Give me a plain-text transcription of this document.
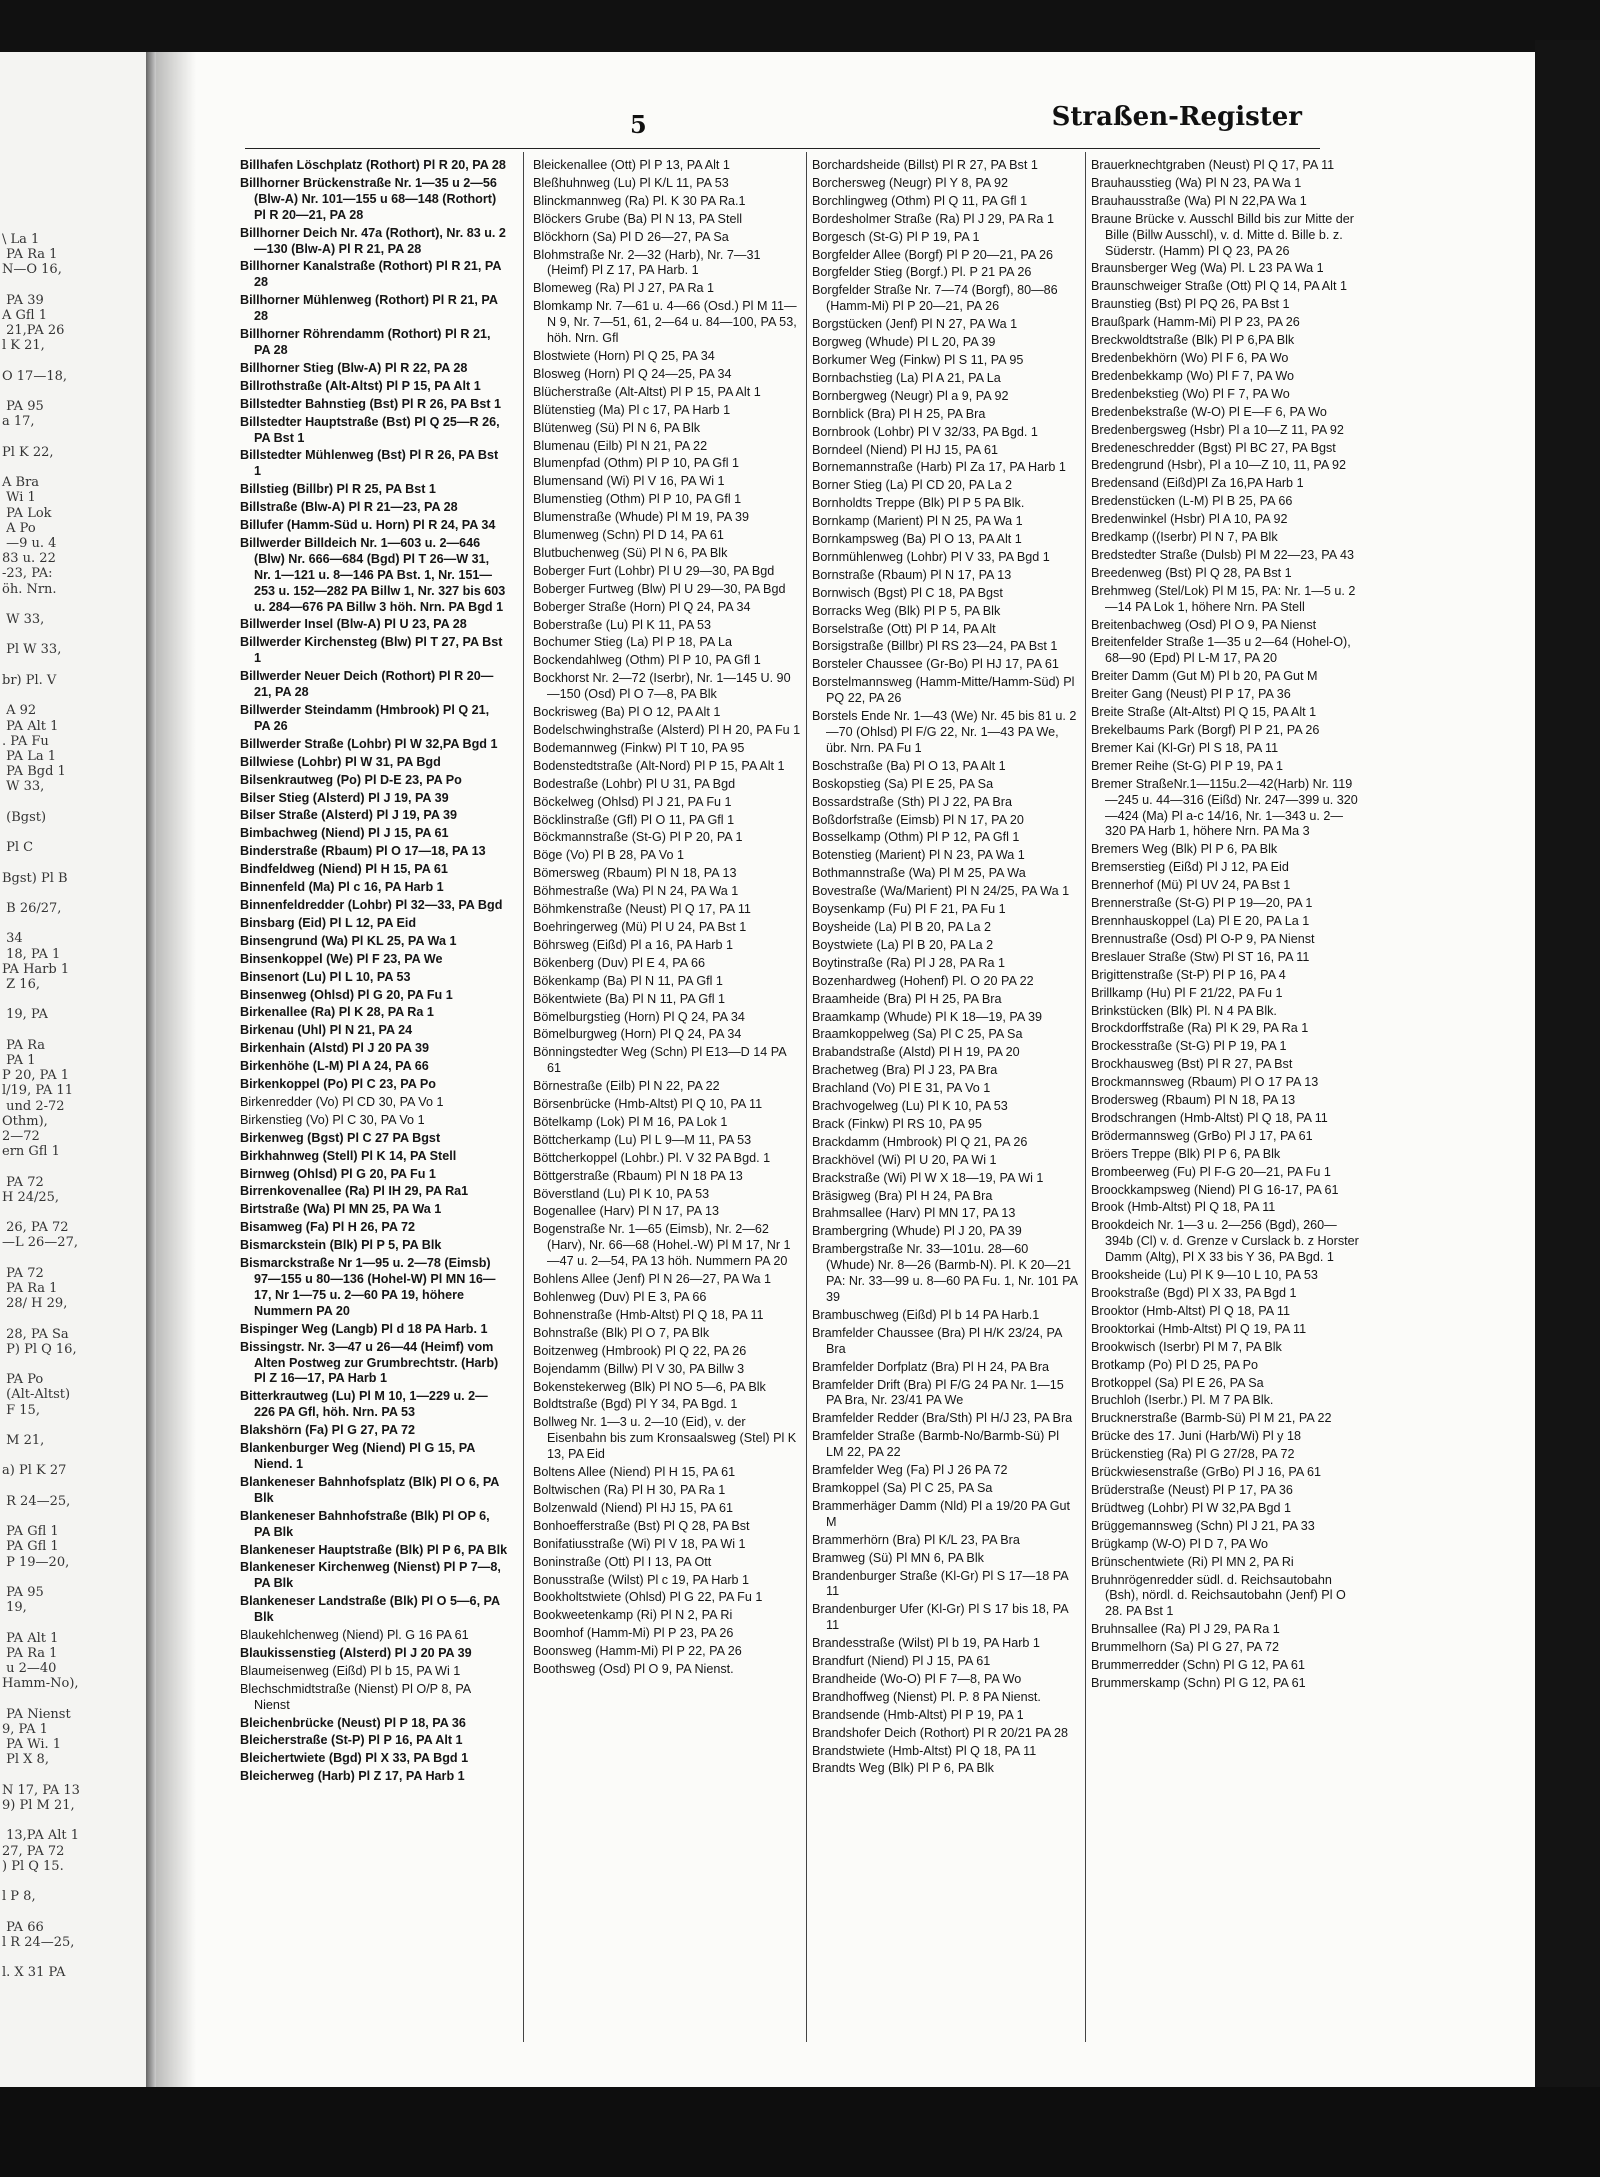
\ La 1
PA Ra 1
N—O 16,

PA 39
A Gfl 1
21,PA 26
l K 21,

O 17—18,

PA 95
a 17,

Pl K 22,

A Bra
Wi 1
PA Lok
A Po
—9 u. 4
83 u. 22
-23, PA:
öh. Nrn.

W 33,

Pl W 33,

br) Pl. V

A 92
PA Alt 1
. PA Fu
PA La 1
PA Bgd 1
W 33,

(Bgst)

Pl C

Bgst) Pl B

B 26/27,

34
18, PA 1
PA Harb 1
Z 16,

19, PA

PA Ra
PA 1
P 20, PA 1
l/19, PA 11
und 2-72
Othm),
2—72
ern Gfl 1

PA 72
H 24/25,

26, PA 72
—L 26—27,

PA 72
PA Ra 1
28/ H 29,

28, PA Sa
P) Pl Q 16,

PA Po
(Alt-Altst)
F 15,

M 21,

a) Pl K 27

R 24—25,

PA Gfl 1
PA Gfl 1
P 19—20,

PA 95
19,

PA Alt 1
PA Ra 1
u 2—40
Hamm-No),

PA Nienst
9, PA 1
PA Wi. 1
Pl X 8,

N 17, PA 13
9) Pl M 21,

13,PA Alt 1
27, PA 72
) Pl Q 15.

l P 8,

PA 66
l R 24—25,

l. X 31 PA
5	Straßen-Register
Billhafen Löschplatz (Rothort) Pl R 20, PA 28
Billhorner Brückenstraße Nr. 1—35 u 2—56 (Blw-A) Nr. 101—155 u 68—148 (Rothort) Pl R 20—21, PA 28
Billhorner Deich Nr. 47a (Rothort), Nr. 83 u. 2—130 (Blw-A) Pl R 21, PA 28
Billhorner Kanalstraße (Rothort) Pl R 21, PA 28
Billhorner Mühlenweg (Rothort) Pl R 21, PA 28
Billhorner Röhrendamm (Rothort) Pl R 21, PA 28
Billhorner Stieg (Blw-A) Pl R 22, PA 28
Billrothstraße (Alt-Altst) Pl P 15, PA Alt 1
Billstedter Bahnstieg (Bst) Pl R 26, PA Bst 1
Billstedter Hauptstraße (Bst) Pl Q 25—R 26, PA Bst 1
Billstedter Mühlenweg (Bst) Pl R 26, PA Bst 1
Billstieg (Billbr) Pl R 25, PA Bst 1
Billstraße (Blw-A) Pl R 21—23, PA 28
Billufer (Hamm-Süd u. Horn) Pl R 24, PA 34
Billwerder Billdeich Nr. 1—603 u. 2—646 (Blw) Nr. 666—684 (Bgd) Pl T 26—W 31, Nr. 1—121 u. 8—146 PA Bst. 1, Nr. 151—253 u. 152—282 PA Billw 1, Nr. 327 bis 603 u. 284—676 PA Billw 3 höh. Nrn. PA Bgd 1
Billwerder Insel (Blw-A) Pl U 23, PA 28
Billwerder Kirchensteg (Blw) Pl T 27, PA Bst 1
Billwerder Neuer Deich (Rothort) Pl R 20—21, PA 28
Billwerder Steindamm (Hmbrook) Pl Q 21, PA 26
Billwerder Straße (Lohbr) Pl W 32,PA Bgd 1
Billwiese (Lohbr) Pl W 31, PA Bgd
Bilsenkrautweg (Po) Pl D-E 23, PA Po
Bilser Stieg (Alsterd) Pl J 19, PA 39
Bilser Straße (Alsterd) Pl J 19, PA 39
Bimbachweg (Niend) Pl J 15, PA 61
Binderstraße (Rbaum) Pl O 17—18, PA 13
Bindfeldweg (Niend) Pl H 15, PA 61
Binnenfeld (Ma) Pl c 16, PA Harb 1
Binnenfeldredder (Lohbr) Pl 32—33, PA Bgd
Binsbarg (Eid) Pl L 12, PA Eid
Binsengrund (Wa) Pl KL 25, PA Wa 1
Binsenkoppel (We) Pl F 23, PA We
Binsenort (Lu) Pl L 10, PA 53
Binsenweg (Ohlsd) Pl G 20, PA Fu 1
Birkenallee (Ra) Pl K 28, PA Ra 1
Birkenau (Uhl) Pl N 21, PA 24
Birkenhain (Alstd) Pl J 20 PA 39
Birkenhöhe (L-M) Pl A 24, PA 66
Birkenkoppel (Po) Pl C 23, PA Po
Birkenredder (Vo) Pl CD 30, PA Vo 1
Birkenstieg (Vo) Pl C 30, PA Vo 1
Birkenweg (Bgst) Pl C 27 PA Bgst
Birkhahnweg (Stell) Pl K 14, PA Stell
Birnweg (Ohlsd) Pl G 20, PA Fu 1
Birrenkovenallee (Ra) Pl IH 29, PA Ra1
Birtstraße (Wa) Pl MN 25, PA Wa 1
Bisamweg (Fa) Pl H 26, PA 72
Bismarckstein (Blk) Pl P 5, PA Blk
Bismarckstraße Nr 1—95 u. 2—78 (Eimsb) 97—155 u 80—136 (Hohel-W) Pl MN 16—17, Nr 1—75 u. 2—60 PA 19, höhere Nummern PA 20
Bispinger Weg (Langb) Pl d 18 PA Harb. 1
Bissingstr. Nr. 3—47 u 26—44 (Heimf) vom Alten Postweg zur Grumbrechtstr. (Harb) Pl Z 16—17, PA Harb 1
Bitterkrautweg (Lu) Pl M 10, 1—229 u. 2—226 PA Gfl, höh. Nrn. PA 53
Blakshörn (Fa) Pl G 27, PA 72
Blankenburger Weg (Niend) Pl G 15, PA Niend. 1
Blankeneser Bahnhofsplatz (Blk) Pl O 6, PA Blk
Blankeneser Bahnhofstraße (Blk) Pl OP 6, PA Blk
Blankeneser Hauptstraße (Blk) Pl P 6, PA Blk
Blankeneser Kirchenweg (Nienst) Pl P 7—8, PA Blk
Blankeneser Landstraße (Blk) Pl O 5—6, PA Blk
Blaukehlchenweg (Niend) Pl. G 16 PA 61
Blaukissenstieg (Alsterd) Pl J 20 PA 39
Blaumeisenweg (Eißd) Pl b 15, PA Wi 1
Blechschmidtstraße (Nienst) Pl O/P 8, PA Nienst
Bleichenbrücke (Neust) Pl P 18, PA 36
Bleicherstraße (St-P) Pl P 16, PA Alt 1
Bleichertwiete (Bgd) Pl X 33, PA Bgd 1
Bleicherweg (Harb) Pl Z 17, PA Harb 1
Bleickenallee (Ott) Pl P 13, PA Alt 1
Bleßhuhnweg (Lu) Pl K/L 11, PA 53
Blinckmannweg (Ra) Pl. K 30 PA Ra.1
Blöckers Grube (Ba) Pl N 13, PA Stell
Blöckhorn (Sa) Pl D 26—27, PA Sa
Blohmstraße Nr. 2—32 (Harb), Nr. 7—31 (Heimf) Pl Z 17, PA Harb. 1
Blomeweg (Ra) Pl J 27, PA Ra 1
Blomkamp Nr. 7—61 u. 4—66 (Osd.) Pl M 11—N 9, Nr. 7—51, 61, 2—64 u. 84—100, PA 53, höh. Nrn. Gfl
Blostwiete (Horn) Pl Q 25, PA 34
Blosweg (Horn) Pl Q 24—25, PA 34
Blücherstraße (Alt-Altst) Pl P 15, PA Alt 1
Blütenstieg (Ma) Pl c 17, PA Harb 1
Blütenweg (Sü) Pl N 6, PA Blk
Blumenau (Eilb) Pl N 21, PA 22
Blumenpfad (Othm) Pl P 10, PA Gfl 1
Blumensand (Wi) Pl V 16, PA Wi 1
Blumenstieg (Othm) Pl P 10, PA Gfl 1
Blumenstraße (Whude) Pl M 19, PA 39
Blumenweg (Schn) Pl D 14, PA 61
Blutbuchenweg (Sü) Pl N 6, PA Blk
Boberger Furt (Lohbr) Pl U 29—30, PA Bgd
Boberger Furtweg (Blw) Pl U 29—30, PA Bgd
Boberger Straße (Horn) Pl Q 24, PA 34
Boberstraße (Lu) Pl K 11, PA 53
Bochumer Stieg (La) Pl P 18, PA La
Bockendahlweg (Othm) Pl P 10, PA Gfl 1
Bockhorst Nr. 2—72 (Iserbr), Nr. 1—145 U. 90—150 (Osd) Pl O 7—8, PA Blk
Bockrisweg (Ba) Pl O 12, PA Alt 1
Bodelschwinghstraße (Alsterd) Pl H 20, PA Fu 1
Bodemannweg (Finkw) Pl T 10, PA 95
Bodenstedtstraße (Alt-Nord) Pl P 15, PA Alt 1
Bodestraße (Lohbr) Pl U 31, PA Bgd
Böckelweg (Ohlsd) Pl J 21, PA Fu 1
Böcklinstraße (Gfl) Pl O 11, PA Gfl 1
Böckmannstraße (St-G) Pl P 20, PA 1
Böge (Vo) Pl B 28, PA Vo 1
Bömersweg (Rbaum) Pl N 18, PA 13
Böhmestraße (Wa) Pl N 24, PA Wa 1
Böhmkenstraße (Neust) Pl Q 17, PA 11
Boehringerweg (Mü) Pl U 24, PA Bst 1
Böhrsweg (Eißd) Pl a 16, PA Harb 1
Bökenberg (Duv) Pl E 4, PA 66
Bökenkamp (Ba) Pl N 11, PA Gfl 1
Bökentwiete (Ba) Pl N 11, PA Gfl 1
Bömelburgstieg (Horn) Pl Q 24, PA 34
Bömelburgweg (Horn) Pl Q 24, PA 34
Bönningstedter Weg (Schn) Pl E13—D 14 PA 61
Börnestraße (Eilb) Pl N 22, PA 22
Börsenbrücke (Hmb-Altst) Pl Q 10, PA 11
Bötelkamp (Lok) Pl M 16, PA Lok 1
Böttcherkamp (Lu) Pl L 9—M 11, PA 53
Böttcherkoppel (Lohbr.) Pl. V 32 PA Bgd. 1
Böttgerstraße (Rbaum) Pl N 18 PA 13
Böverstland (Lu) Pl K 10, PA 53
Bogenallee (Harv) Pl N 17, PA 13
Bogenstraße Nr. 1—65 (Eimsb), Nr. 2—62 (Harv), Nr. 66—68 (Hohel.-W) Pl M 17, Nr 1—47 u. 2—54, PA 13 höh. Nummern PA 20
Bohlens Allee (Jenf) Pl N 26—27, PA Wa 1
Bohlenweg (Duv) Pl E 3, PA 66
Bohnenstraße (Hmb-Altst) Pl Q 18, PA 11
Bohnstraße (Blk) Pl O 7, PA Blk
Boitzenweg (Hmbrook) Pl Q 22, PA 26
Bojendamm (Billw) Pl V 30, PA Billw 3
Bokenstekerweg (Blk) Pl NO 5—6, PA Blk
Boldtstraße (Bgd) Pl Y 34, PA Bgd. 1
Bollweg Nr. 1—3 u. 2—10 (Eid), v. der Eisenbahn bis zum Kronsaalsweg (Stel) Pl K 13, PA Eid
Boltens Allee (Niend) Pl H 15, PA 61
Boltwischen (Ra) Pl H 30, PA Ra 1
Bolzenwald (Niend) Pl HJ 15, PA 61
Bonhoefferstraße (Bst) Pl Q 28, PA Bst
Bonifatiusstraße (Wi) Pl V 18, PA Wi 1
Boninstraße (Ott) Pl I 13, PA Ott
Bonusstraße (Wilst) Pl c 19, PA Harb 1
Bookholtstwiete (Ohlsd) Pl G 22, PA Fu 1
Bookweetenkamp (Ri) Pl N 2, PA Ri
Boomhof (Hamm-Mi) Pl P 23, PA 26
Boonsweg (Hamm-Mi) Pl P 22, PA 26
Boothsweg (Osd) Pl O 9, PA Nienst.
Borchardsheide (Billst) Pl R 27, PA Bst 1
Borchersweg (Neugr) Pl Y 8, PA 92
Borchlingweg (Othm) Pl Q 11, PA Gfl 1
Bordesholmer Straße (Ra) Pl J 29, PA Ra 1
Borgesch (St-G) Pl P 19, PA 1
Borgfelder Allee (Borgf) Pl P 20—21, PA 26
Borgfelder Stieg (Borgf.) Pl. P 21 PA 26
Borgfelder Straße Nr. 7—74 (Borgf), 80—86 (Hamm-Mi) Pl P 20—21, PA 26
Borgstücken (Jenf) Pl N 27, PA Wa 1
Borgweg (Whude) Pl L 20, PA 39
Borkumer Weg (Finkw) Pl S 11, PA 95
Bornbachstieg (La) Pl A 21, PA La
Bornbergweg (Neugr) Pl a 9, PA 92
Bornblick (Bra) Pl H 25, PA Bra
Bornbrook (Lohbr) Pl V 32/33, PA Bgd. 1
Borndeel (Niend) Pl HJ 15, PA 61
Bornemannstraße (Harb) Pl Za 17, PA Harb 1
Borner Stieg (La) Pl CD 20, PA La 2
Bornholdts Treppe (Blk) Pl P 5 PA Blk.
Bornkamp (Marient) Pl N 25, PA Wa 1
Bornkampsweg (Ba) Pl O 13, PA Alt 1
Bornmühlenweg (Lohbr) Pl V 33, PA Bgd 1
Bornstraße (Rbaum) Pl N 17, PA 13
Bornwisch (Bgst) Pl C 18, PA Bgst
Borracks Weg (Blk) Pl P 5, PA Blk
Borselstraße (Ott) Pl P 14, PA Alt
Borsigstraße (Billbr) Pl RS 23—24, PA Bst 1
Borsteler Chaussee (Gr-Bo) Pl HJ 17, PA 61
Borstelmannsweg (Hamm-Mitte/Hamm-Süd) Pl PQ 22, PA 26
Borstels Ende Nr. 1—43 (We) Nr. 45 bis 81 u. 2—70 (Ohlsd) Pl F/G 22, Nr. 1—43 PA We, übr. Nrn. PA Fu 1
Boschstraße (Ba) Pl O 13, PA Alt 1
Boskopstieg (Sa) Pl E 25, PA Sa
Bossardstraße (Sth) Pl J 22, PA Bra
Boßdorfstraße (Eimsb) Pl N 17, PA 20
Bosselkamp (Othm) Pl P 12, PA Gfl 1
Botenstieg (Marient) Pl N 23, PA Wa 1
Bothmannstraße (Wa) Pl M 25, PA Wa
Bovestraße (Wa/Marient) Pl N 24/25, PA Wa 1
Boysenkamp (Fu) Pl F 21, PA Fu 1
Boysheide (La) Pl B 20, PA La 2
Boystwiete (La) Pl B 20, PA La 2
Boytinstraße (Ra) Pl J 28, PA Ra 1
Bozenhardweg (Hohenf) Pl. O 20 PA 22
Braamheide (Bra) Pl H 25, PA Bra
Braamkamp (Whude) Pl K 18—19, PA 39
Braamkoppelweg (Sa) Pl C 25, PA Sa
Brabandstraße (Alstd) Pl H 19, PA 20
Brachetweg (Bra) Pl J 23, PA Bra
Brachland (Vo) Pl E 31, PA Vo 1
Brachvogelweg (Lu) Pl K 10, PA 53
Brack (Finkw) Pl RS 10, PA 95
Brackdamm (Hmbrook) Pl Q 21, PA 26
Brackhövel (Wi) Pl U 20, PA Wi 1
Brackstraße (Wi) Pl W X 18—19, PA Wi 1
Bräsigweg (Bra) Pl H 24, PA Bra
Brahmsallee (Harv) Pl MN 17, PA 13
Brambergring (Whude) Pl J 20, PA 39
Brambergstraße Nr. 33—101u. 28—60 (Whude) Nr. 8—26 (Barmb-N). Pl. K 20—21 PA: Nr. 33—99 u. 8—60 PA Fu. 1, Nr. 101 PA 39
Brambuschweg (Eißd) Pl b 14 PA Harb.1
Bramfelder Chaussee (Bra) Pl H/K 23/24, PA Bra
Bramfelder Dorfplatz (Bra) Pl H 24, PA Bra
Bramfelder Drift (Bra) Pl F/G 24 PA Nr. 1—15 PA Bra, Nr. 23/41 PA We
Bramfelder Redder (Bra/Sth) Pl H/J 23, PA Bra
Bramfelder Straße (Barmb-No/Barmb-Sü) Pl LM 22, PA 22
Bramfelder Weg (Fa) Pl J 26 PA 72
Bramkoppel (Sa) Pl C 25, PA Sa
Brammerhäger Damm (Nld) Pl a 19/20 PA Gut M
Brammerhörn (Bra) Pl K/L 23, PA Bra
Bramweg (Sü) Pl MN 6, PA Blk
Brandenburger Straße (Kl-Gr) Pl S 17—18 PA 11
Brandenburger Ufer (Kl-Gr) Pl S 17 bis 18, PA 11
Brandesstraße (Wilst) Pl b 19, PA Harb 1
Brandfurt (Niend) Pl J 15, PA 61
Brandheide (Wo-O) Pl F 7—8, PA Wo
Brandhoffweg (Nienst) Pl. P. 8 PA Nienst.
Brandsende (Hmb-Altst) Pl P 19, PA 1
Brandshofer Deich (Rothort) Pl R 20/21 PA 28
Brandstwiete (Hmb-Altst) Pl Q 18, PA 11
Brandts Weg (Blk) Pl P 6, PA Blk
Brauerknechtgraben (Neust) Pl Q 17, PA 11
Brauhausstieg (Wa) Pl N 23, PA Wa 1
Brauhausstraße (Wa) Pl N 22,PA Wa 1
Braune Brücke v. Ausschl Billd bis zur Mitte der Bille (Billw Ausschl), v. d. Mitte d. Bille b. z. Süderstr. (Hamm) Pl Q 23, PA 26
Braunsberger Weg (Wa) Pl. L 23 PA Wa 1
Braunschweiger Straße (Ott) Pl Q 14, PA Alt 1
Braunstieg (Bst) Pl PQ 26, PA Bst 1
Braußpark (Hamm-Mi) Pl P 23, PA 26
Breckwoldtstraße (Blk) Pl P 6,PA Blk
Bredenbekhörn (Wo) Pl F 6, PA Wo
Bredenbekkamp (Wo) Pl F 7, PA Wo
Bredenbekstieg (Wo) Pl F 7, PA Wo
Bredenbekstraße (W-O) Pl E—F 6, PA Wo
Bredenbergsweg (Hsbr) Pl a 10—Z 11, PA 92
Bredeneschredder (Bgst) Pl BC 27, PA Bgst
Bredengrund (Hsbr), Pl a 10—Z 10, 11, PA 92
Bredensand (Eißd)Pl Za 16,PA Harb 1
Bredenstücken (L-M) Pl B 25, PA 66
Bredenwinkel (Hsbr) Pl A 10, PA 92
Bredkamp ((Iserbr) Pl N 7, PA Blk
Bredstedter Straße (Dulsb) Pl M 22—23, PA 43
Breedenweg (Bst) Pl Q 28, PA Bst 1
Brehmweg (Stel/Lok) Pl M 15, PA: Nr. 1—5 u. 2—14 PA Lok 1, höhere Nrn. PA Stell
Breitenbachweg (Osd) Pl O 9, PA Nienst
Breitenfelder Straße 1—35 u 2—64 (Hohel-O), 68—90 (Epd) Pl L-M 17, PA 20
Breiter Damm (Gut M) Pl b 20, PA Gut M
Breiter Gang (Neust) Pl P 17, PA 36
Breite Straße (Alt-Altst) Pl Q 15, PA Alt 1
Brekelbaums Park (Borgf) Pl P 21, PA 26
Bremer Kai (Kl-Gr) Pl S 18, PA 11
Bremer Reihe (St-G) Pl P 19, PA 1
Bremer StraßeNr.1—115u.2—42(Harb) Nr. 119—245 u. 44—316 (Eißd) Nr. 247—399 u. 320—424 (Ma) Pl a-c 14/16, Nr. 1—343 u. 2—320 PA Harb 1, höhere Nrn. PA Ma 3
Bremers Weg (Blk) Pl P 6, PA Blk
Bremserstieg (Eißd) Pl J 12, PA Eid
Brennerhof (Mü) Pl UV 24, PA Bst 1
Brennerstraße (St-G) Pl P 19—20, PA 1
Brennhauskoppel (La) Pl E 20, PA La 1
Brennustraße (Osd) Pl O-P 9, PA Nienst
Breslauer Straße (Stw) Pl ST 16, PA 11
Brigittenstraße (St-P) Pl P 16, PA 4
Brillkamp (Hu) Pl F 21/22, PA Fu 1
Brinkstücken (Blk) Pl. N 4 PA Blk.
Brockdorffstraße (Ra) Pl K 29, PA Ra 1
Brockesstraße (St-G) Pl P 19, PA 1
Brockhausweg (Bst) Pl R 27, PA Bst
Brockmannsweg (Rbaum) Pl O 17 PA 13
Brodersweg (Rbaum) Pl N 18, PA 13
Brodschrangen (Hmb-Altst) Pl Q 18, PA 11
Brödermannsweg (GrBo) Pl J 17, PA 61
Bröers Treppe (Blk) Pl P 6, PA Blk
Brombeerweg (Fu) Pl F-G 20—21, PA Fu 1
Broockkampsweg (Niend) Pl G 16-17, PA 61
Brook (Hmb-Altst) Pl Q 18, PA 11
Brookdeich Nr. 1—3 u. 2—256 (Bgd), 260—394b (Cl) v. d. Grenze v Curslack b. z Horster Damm (Altg), Pl X 33 bis Y 36, PA Bgd. 1
Brooksheide (Lu) Pl K 9—10 L 10, PA 53
Brookstraße (Bgd) Pl X 33, PA Bgd 1
Brooktor (Hmb-Altst) Pl Q 18, PA 11
Brooktorkai (Hmb-Altst) Pl Q 19, PA 11
Brookwisch (Iserbr) Pl M 7, PA Blk
Brotkamp (Po) Pl D 25, PA Po
Brotkoppel (Sa) Pl E 26, PA Sa
Bruchloh (Iserbr.) Pl. M 7 PA Blk.
Brucknerstraße (Barmb-Sü) Pl M 21, PA 22
Brücke des 17. Juni (Harb/Wi) Pl y 18
Brückenstieg (Ra) Pl G 27/28, PA 72
Brückwiesenstraße (GrBo) Pl J 16, PA 61
Brüderstraße (Neust) Pl P 17, PA 36
Brüdtweg (Lohbr) Pl W 32,PA Bgd 1
Brüggemannsweg (Schn) Pl J 21, PA 33
Brügkamp (W-O) Pl D 7, PA Wo
Brünschentwiete (Ri) Pl MN 2, PA Ri
Bruhnrögenredder südl. d. Reichsautobahn (Bsh), nördl. d. Reichsautobahn (Jenf) Pl O 28. PA Bst 1
Bruhnsallee (Ra) Pl J 29, PA Ra 1
Brummelhorn (Sa) Pl G 27, PA 72
Brummerredder (Schn) Pl G 12, PA 61
Brummerskamp (Schn) Pl G 12, PA 61
